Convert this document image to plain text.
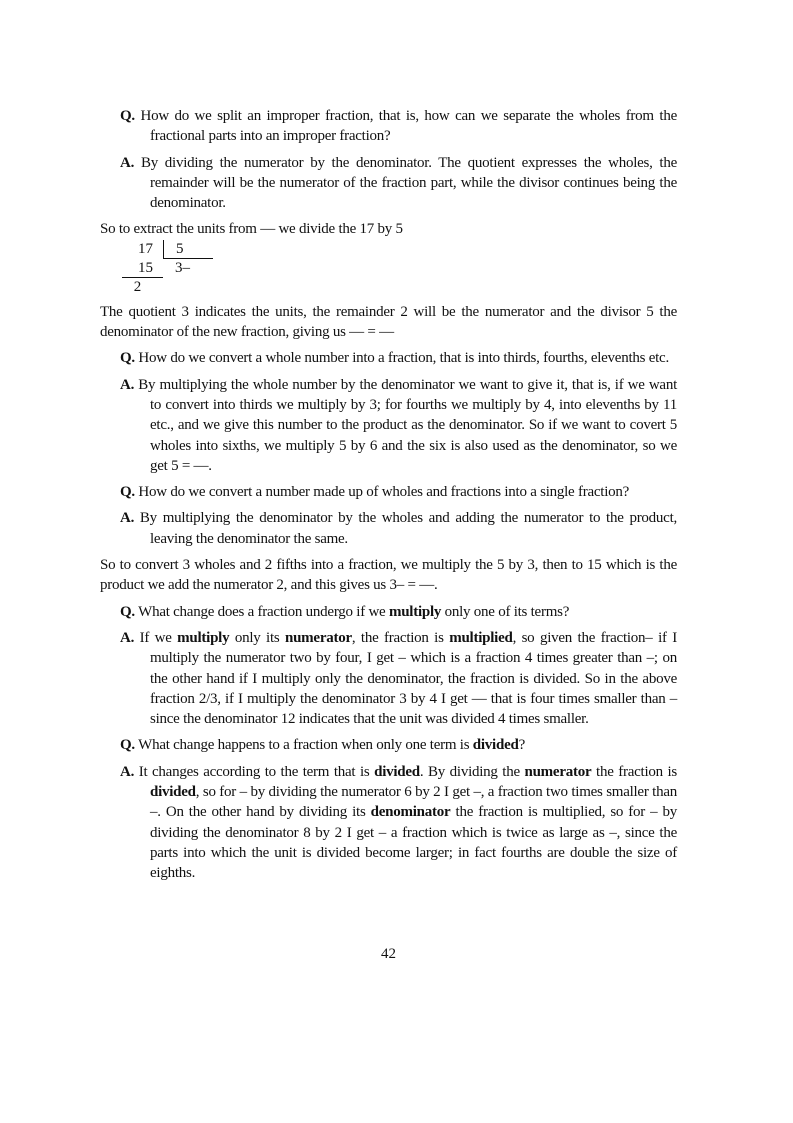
Q. How do we split an improper fraction, that is, how can we separate the wholes from the fractional parts into an improper fraction?
A. By dividing the numerator by the denominator. The quotient expresses the wholes, the remainder will be the numerator of the fraction part, while the divisor continues being the denominator.
So to extract the units from — we divide the 17 by 5
17	5
15	3–
2
The quotient 3 indicates the units, the remainder 2 will be the numerator and the divisor 5 the denominator of the new fraction, giving us — = —
Q. How do we convert a whole number into a fraction, that is into thirds, fourths, elevenths etc.
A. By multiplying the whole number by the denominator we want to give it, that is, if we want to convert into thirds we multiply by 3; for fourths we multiply by 4, into elevenths by 11 etc., and we give this number to the product as the denominator. So if we want to covert 5 wholes into sixths, we multiply 5 by 6 and the six is also used as the denominator, so we get 5 = —.
Q. How do we convert a number made up of wholes and fractions into a single fraction?
A. By multiplying the denominator by the wholes and adding the numerator to the product, leaving the denominator the same.
So to convert 3 wholes and 2 fifths into a fraction, we multiply the 5 by 3, then to 15 which is the product we add the numerator 2, and this gives us 3– = —.
Q. What change does a fraction undergo if we multiply only one of its terms?
A. If we multiply only its numerator, the fraction is multiplied, so given the fraction– if I multiply the numerator two by four, I get – which is a fraction 4 times greater than –; on the other hand if I multiply only the denominator, the fraction is divided. So in the above fraction 2/3, if I multiply the denominator 3 by 4 I get — that is four times smaller than – since the denominator 12 indicates that the unit was divided 4 times smaller.
Q. What change happens to a fraction when only one term is divided?
A. It changes according to the term that is divided. By dividing the numerator the fraction is divided, so for – by dividing the numerator 6 by 2 I get –, a fraction two times smaller than –. On the other hand by dividing its denominator the fraction is multiplied, so for – by dividing the denominator 8 by 2 I get – a fraction which is twice as large as –, since the parts into which the unit is divided become larger; in fact fourths are double the size of eighths.
42
